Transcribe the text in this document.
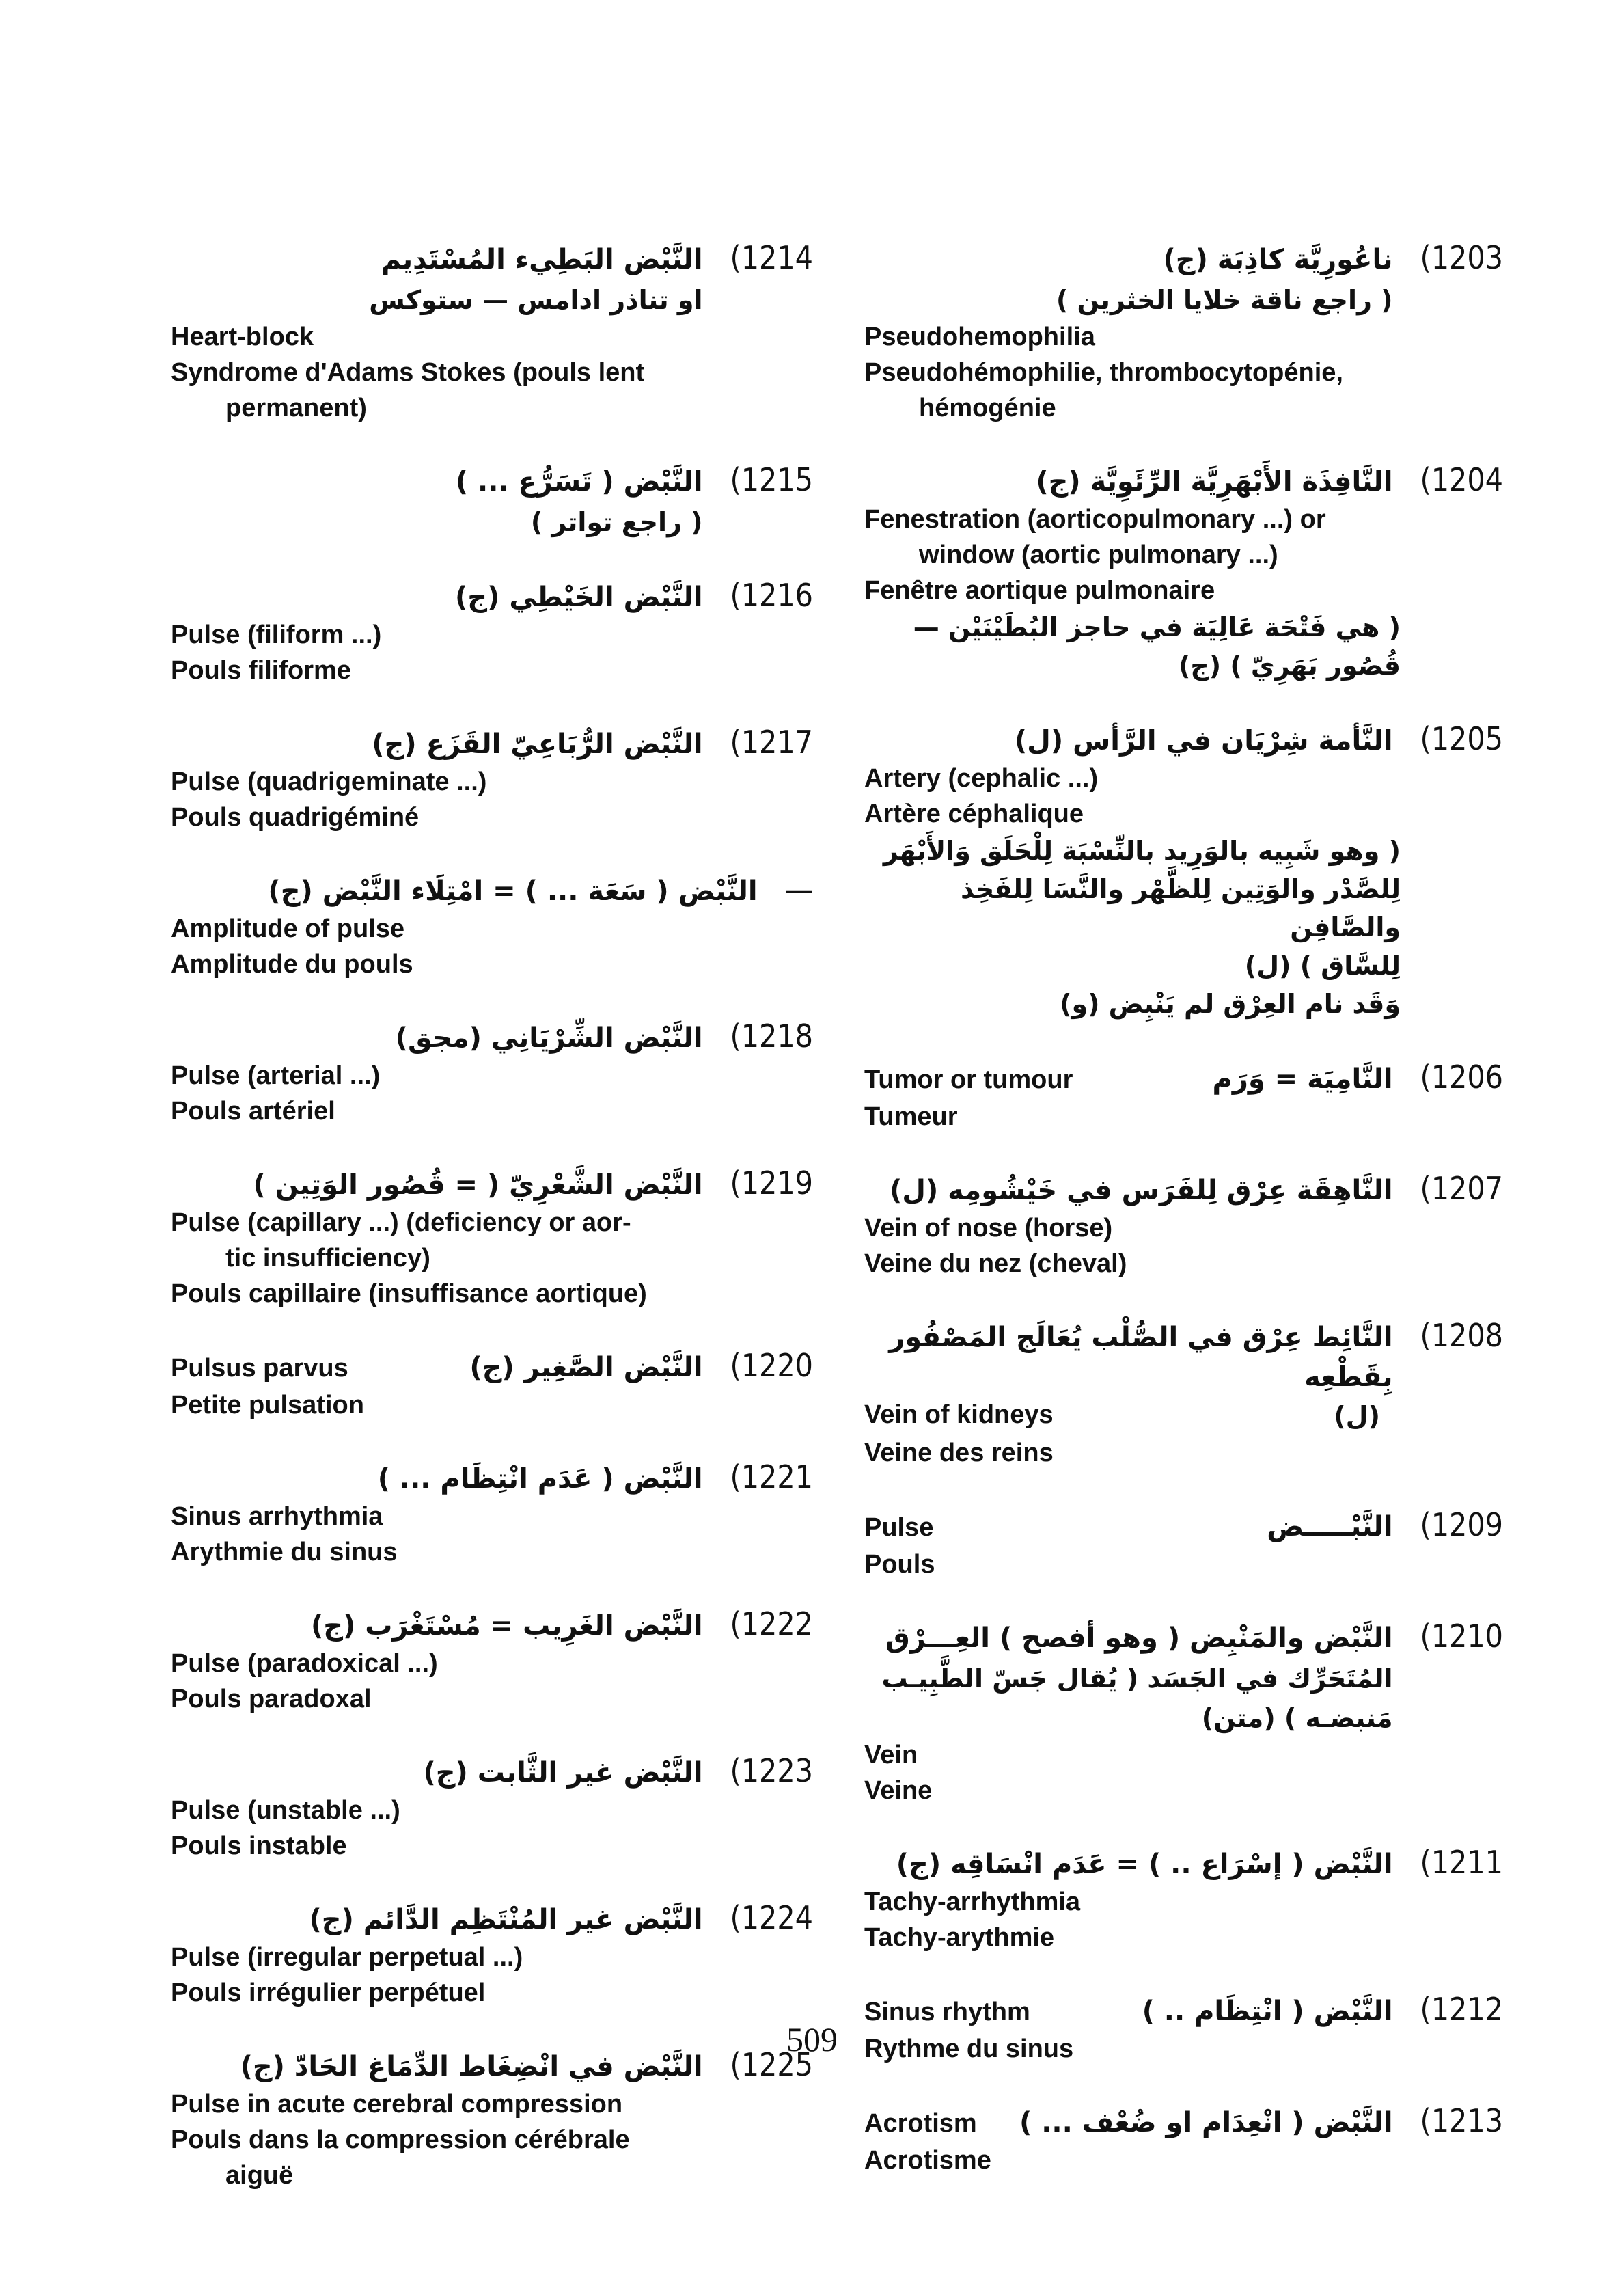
النَّبْض البَطِيء المُسْتَدِيم (1214
او تناذر ادامس — ستوكس
Heart-block
Syndrome d'Adams Stokes (pouls lent
permanent)
النَّبْض ( تَسَرُّع ... ) (1215
( راجع تواتر )
النَّبْض الخَيْطِي (ج) (1216
Pulse (filiform ...)
Pouls filiforme
النَّبْض الرُّبَاعِيّ القَزَع (ج) (1217
Pulse (quadrigeminate ...)
Pouls quadrigéminé
النَّبْض ( سَعَة ... ) = امْتِلَاء النَّبْض (ج) —
Amplitude of pulse
Amplitude du pouls
النَّبْض الشِّرْيَانِي (مجق) (1218
Pulse (arterial ...)
Pouls artériel
النَّبْض الشَّعْرِيّ ( = قُصُور الوَتِين ) (1219
Pulse (capillary ...) (deficiency or aor-
tic insufficiency)
Pouls capillaire (insuffisance aortique)
Pulsus parvus	النَّبْض الصَّغِير (ج) (1220
Petite pulsation
النَّبْض ( عَدَم انْتِظَام ... ) (1221
Sinus arrhythmia
Arythmie du sinus
النَّبْض الغَرِيب = مُسْتَغْرَب (ج) (1222
Pulse (paradoxical ...)
Pouls paradoxal
النَّبْض غير الثَّابت (ج) (1223
Pulse (unstable ...)
Pouls instable
النَّبْض غير المُنْتَظِم الدَّائم (ج) (1224
Pulse (irregular perpetual ...)
Pouls irrégulier perpétuel
النَّبْض في انْضِغَاط الدِّمَاغ الحَادّ (ج) (1225
Pulse in acute cerebral compression
Pouls dans la compression cérébrale
aiguë
ناعُورِيَّة كاذِبَة (ج) (1203
( راجع ناقة خلايا الخثرين )
Pseudohemophilia
Pseudohémophilie, thrombocytopénie,
hémogénie
النَّافِذَة الأَبْهَرِيَّة الرِّئَوِيَّة (ج) (1204
Fenestration (aorticopulmonary ...) or
window (aortic pulmonary ...)
Fenêtre aortique pulmonaire
( هي فَتْحَة عَالِيَة في حاجز البُطَيْنَيْن —
قُصُور بَهَرِيّ ) (ج)
النَّأمة شِرْيَان في الرَّأس (ل) (1205
Artery (cephalic ...)
Artère céphalique
( وهو شَبِيه بالوَرِيد بالنِّسْبَة لِلْحَلَق وَالأَبْهَر
لِلصَّدْر والوَتِين لِلظَّهْر والنَّسَا لِلفَخِذ والصَّافِن
لِلسَّاق ) (ل)
وَقَد نام العِرْق لم يَنْبِض (و)
Tumor or tumour	النَّامِيَة = وَرَم (1206
Tumeur
النَّاهِقَة عِرْق لِلفَرَس في خَيْشُومِه (ل) (1207
Vein of nose (horse)
Veine du nez (cheval)
النَّائِط عِرْق في الصُّلْب يُعَالَج المَصْفُور بِقَطْعِه
(1208
Vein of kidneys	(ل)
Veine des reins
Pulse	النَّبْـــــض (1209
Pouls
النَّبْض والمَنْبِض ( وهو أفصح ) العِـــرْق (1210
المُتَحَرِّك في الجَسَد ( يُقال جَسّ الطَّبِيـب
مَنبضـه ) (متن)
Vein
Veine
النَّبْض ( إسْرَاع .. ) = عَدَم انْسَاقِه (ج) (1211
Tachy-arrhythmia
Tachy-arythmie
Sinus rhythm	النَّبْض ( انْتِظَام .. ) (1212
Rythme du sinus
Acrotism	النَّبْض ( انْعِدَام او ضُعْف ... ) (1213
Acrotisme
509
